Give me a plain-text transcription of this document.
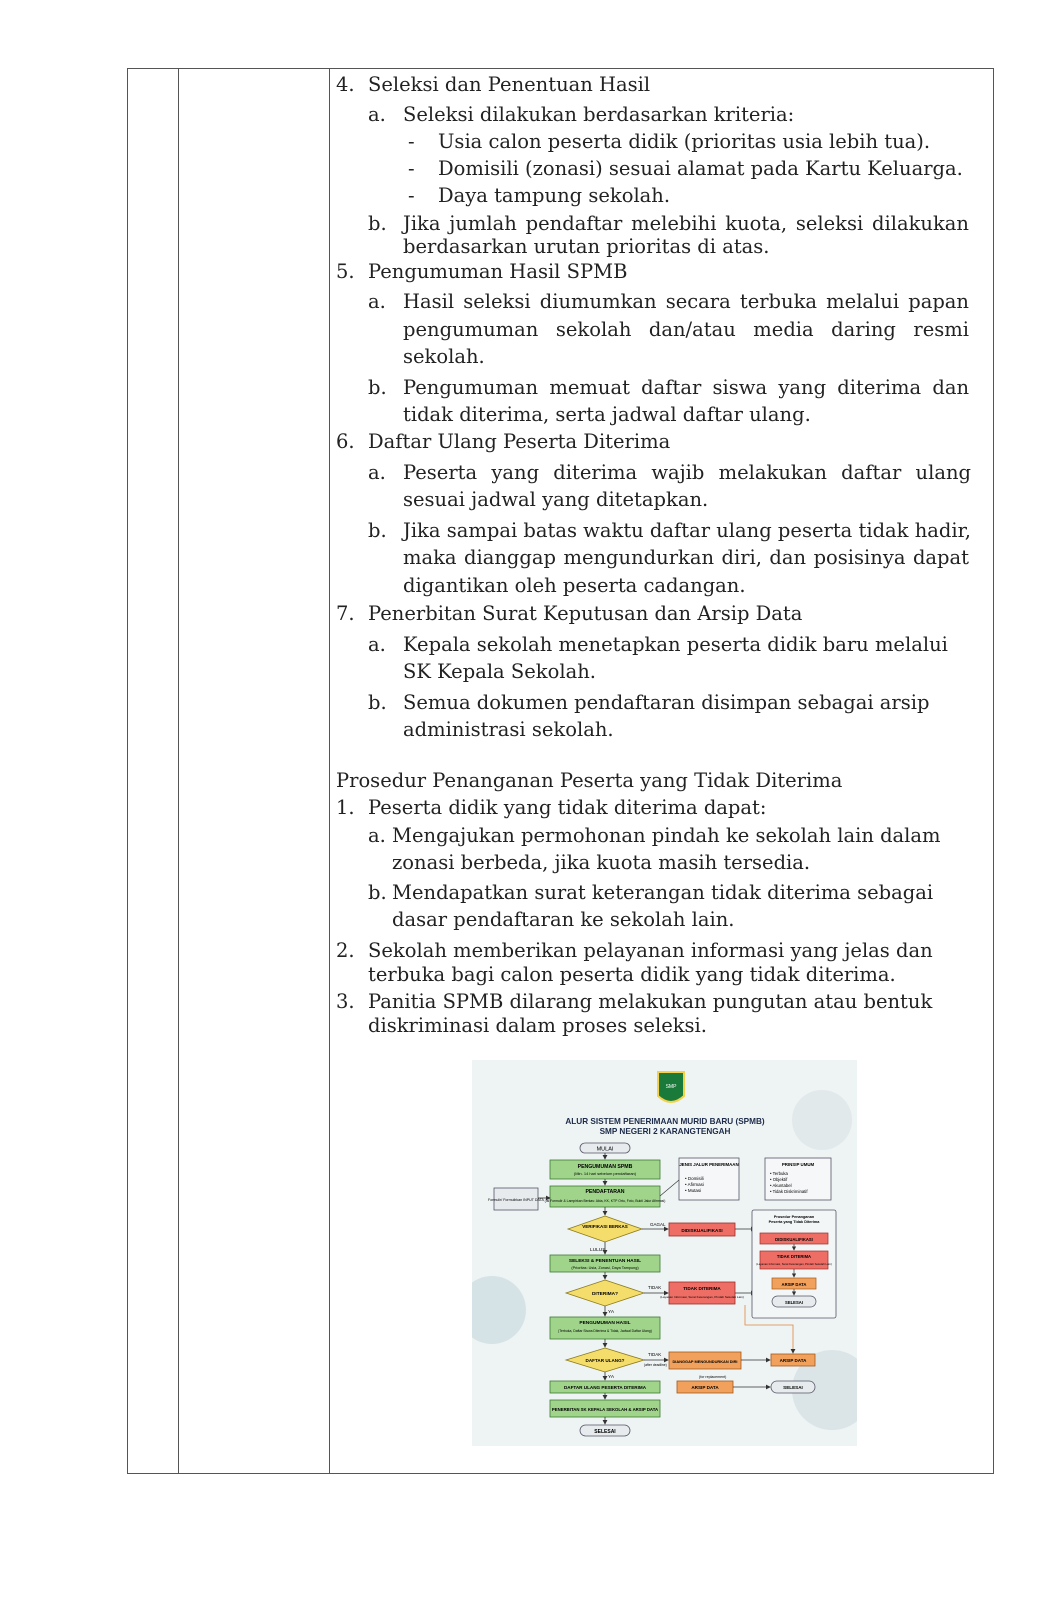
4. Seleksi dan Penentuan Hasil
a. Seleksi dilakukan berdasarkan kriteria:
- Usia calon peserta didik (prioritas usia lebih tua).
- Domisili (zonasi) sesuai alamat pada Kartu Keluarga.
- Daya tampung sekolah.
b. Jika jumlah pendaftar melebihi kuota, seleksi dilakukan
berdasarkan urutan prioritas di atas.
5. Pengumuman Hasil SPMB
a. Hasil seleksi diumumkan secara terbuka melalui papan
pengumuman sekolah dan/atau media daring resmi
sekolah.
b. Pengumuman memuat daftar siswa yang diterima dan
tidak diterima, serta jadwal daftar ulang.
6. Daftar Ulang Peserta Diterima
a. Peserta yang diterima wajib melakukan daftar ulang
sesuai jadwal yang ditetapkan.
b. Jika sampai batas waktu daftar ulang peserta tidak hadir,
maka dianggap mengundurkan diri, dan posisinya dapat
digantikan oleh peserta cadangan.
7. Penerbitan Surat Keputusan dan Arsip Data
a. Kepala sekolah menetapkan peserta didik baru melalui
SK Kepala Sekolah.
b. Semua dokumen pendaftaran disimpan sebagai arsip
administrasi sekolah.
Prosedur Penanganan Peserta yang Tidak Diterima
1. Peserta didik yang tidak diterima dapat:
a. Mengajukan permohonan pindah ke sekolah lain dalam
zonasi berbeda, jika kuota masih tersedia.
b. Mendapatkan surat keterangan tidak diterima sebagai
dasar pendaftaran ke sekolah lain.
2. Sekolah memberikan pelayanan informasi yang jelas dan
terbuka bagi calon peserta didik yang tidak diterima.
3. Panitia SPMB dilarang melakukan pungutan atau bentuk
diskriminasi dalam proses seleksi.
SMP
ALUR SISTEM PENERIMAAN MURID BARU (SPMB)
SMP NEGERI 2 KARANGTENGAH
MULAI
PENGUMUMAN SPMB
(Min. 14 hari sebelum pendaftaran)
PENDAFTARAN
(Isi Formulir & Lampirkan Berkas: Akta, KK, KTP Ortu, Foto, Bukti Jalur Afirmasi)
Formulir/ Formulirkan INPUT DATA
JENIS JALUR PENERIMAAN
• Domisili
• Afirmasi
• Mutasi
PRINSIP UMUM
• Terbuka
• Objektif
• Akuntabel
• Tidak Diskriminatif
VERIFIKASI BERKAS	GAGAL
DIDISKUALIFIKASI
LULUS
SELEKSI & PENENTUAN HASIL
(Prioritas: Usia, Zonasi, Daya Tampung)
DITERIMA?
TIDAK	TIDAK DITERIMA
(Layanan Informasi, Surat Keterangan, Pindah Sekolah Lain)
YA
PENGUMUMAN HASIL
(Terbuka, Daftar Siswa Diterima & Tidak, Jadwal Daftar Ulang)
DAFTAR ULANG?
TIDAK
(after deadline)
DIANGGAP MENGUNDURKAN DIRI	ARSIP DATA
(for replacement)
YA
DAFTAR ULANG PESERTA DITERIMA	ARSIP DATA	SELESAI
PENERBITAN SK KEPALA SEKOLAH & ARSIP DATA
SELESAI
Prosedur Penanganan Peserta yang Tidak Diterima
DIDISKUALIFIKASI
TIDAK DITERIMA
(Layanan Informasi, Surat Keterangan, Pindah Sekolah Lain)
ARSIP DATA
SELESAI
